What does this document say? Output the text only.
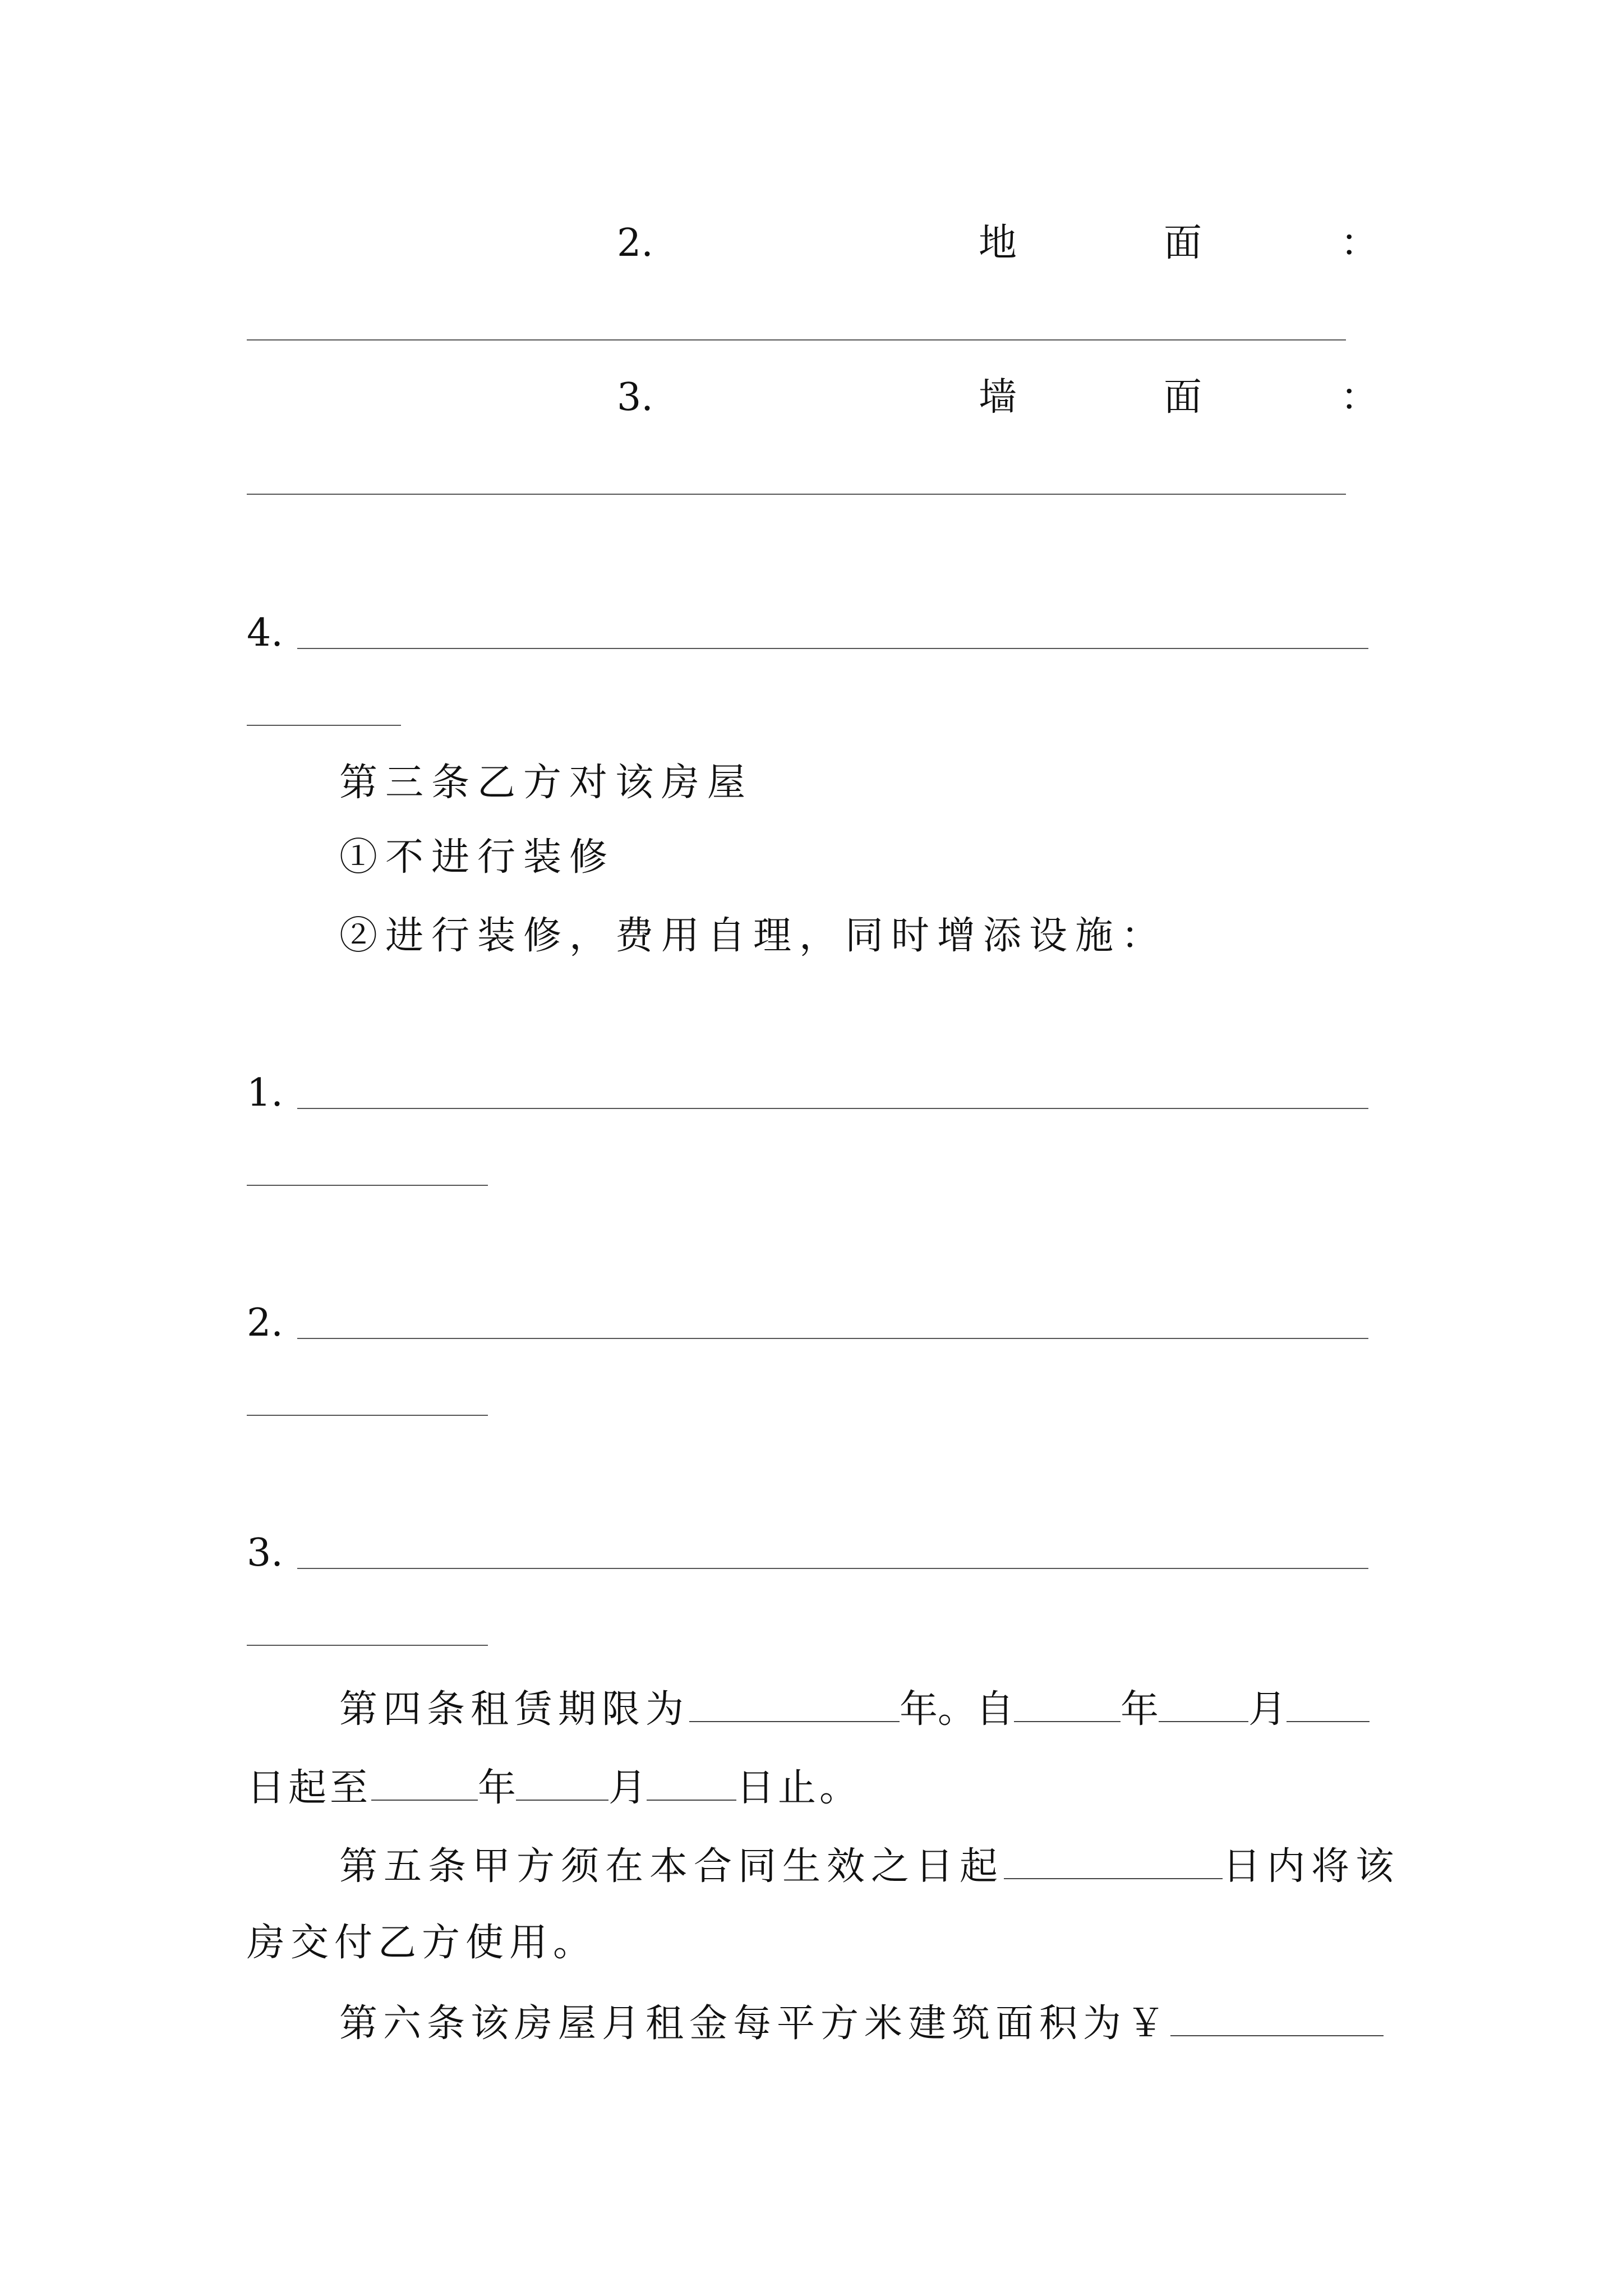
2.	地	面	：
3.	墙	面	：
4.
第三条乙方对该房屋
①不进行装修
②进行装修，费用自理，同时增添设施：
1.
2.
3.
第四条租赁期限为	年。自	年 月
日起至	年 月 日止。
第五条甲方须在本合同生效之日起	日内将该
房交付乙方使用。
第六条该房屋月租金每平方米建筑面积为￥
